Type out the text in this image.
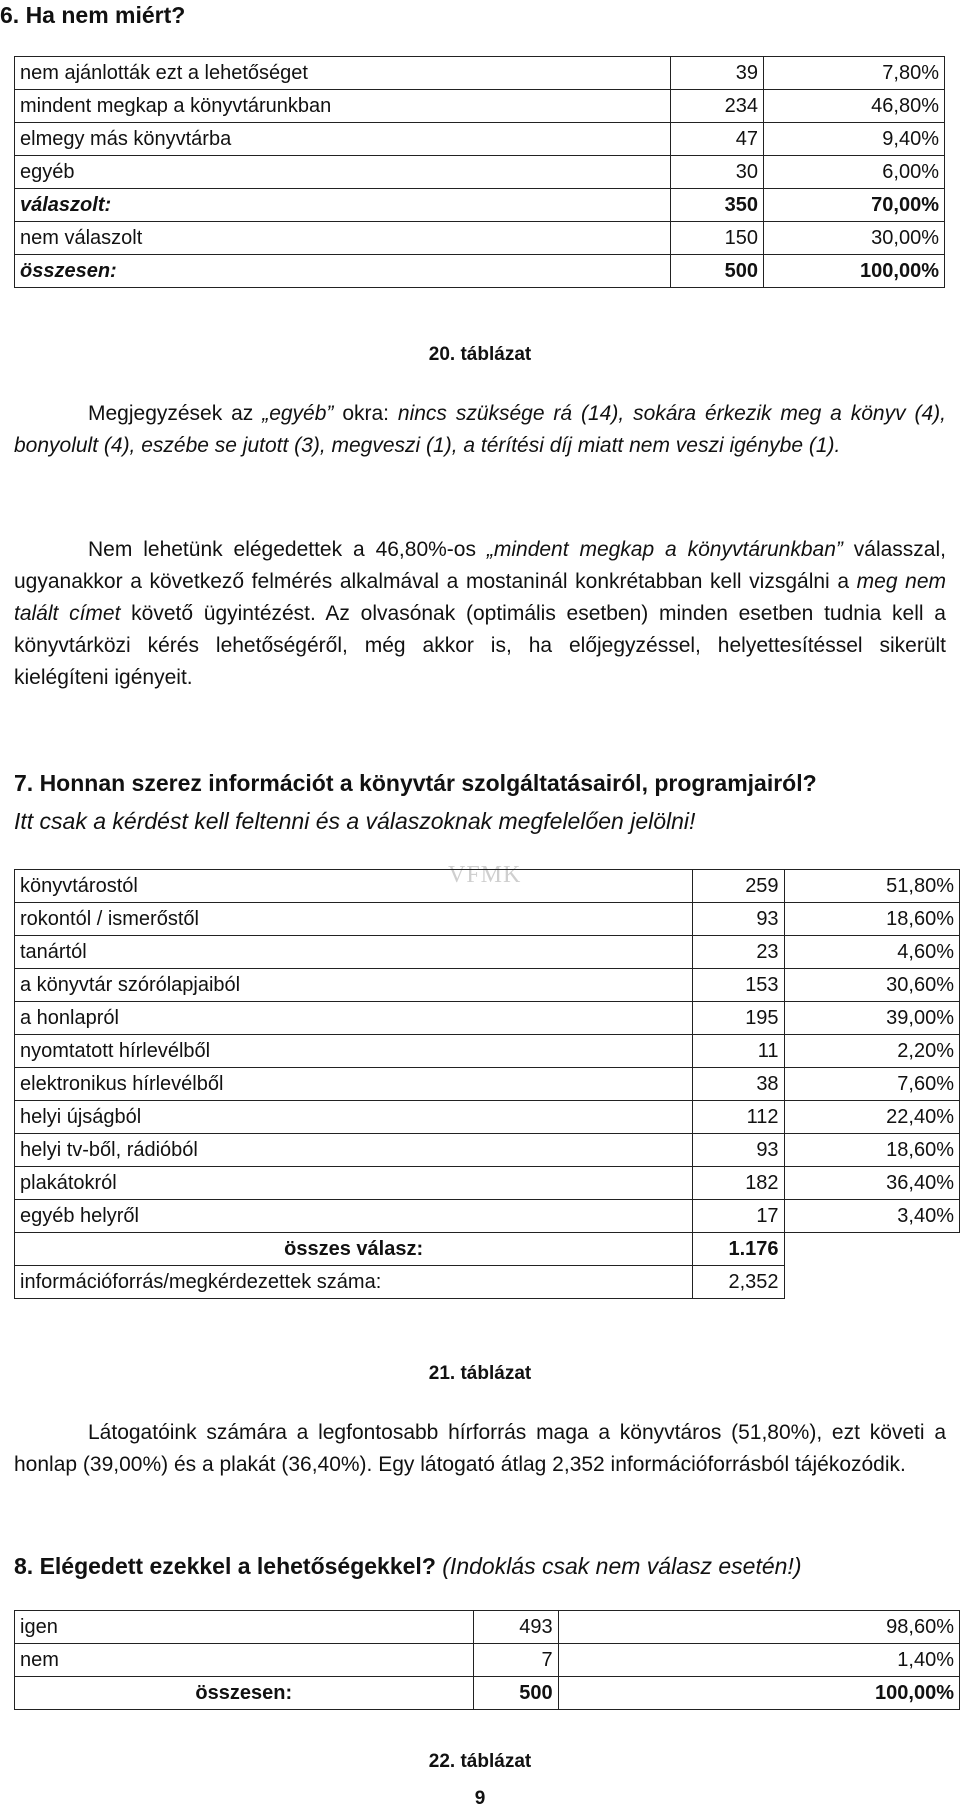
6. Ha nem miért?
nem ajánlották ezt a lehetőséget	39	7,80%
mindent megkap a könyvtárunkban	234	46,80%
elmegy más könyvtárba	47	9,40%
egyéb	30	6,00%
válaszolt:	350	70,00%
nem válaszolt	150	30,00%
összesen:	500	100,00%
20. táblázat
Megjegyzések az „egyéb” okra: nincs szüksége rá (14), sokára érkezik meg a könyv (4), bonyolult (4), eszébe se jutott (3), megveszi (1), a térítési díj miatt nem veszi igénybe (1).
Nem lehetünk elégedettek a 46,80%-os „mindent megkap a könyvtárunkban” válasszal, ugyanakkor a következő felmérés alkalmával a mostaninál konkrétabban kell vizsgálni a meg nem talált címet követő ügyintézést. Az olvasónak (optimális esetben) minden esetben tudnia kell a könyvtárközi kérés lehetőségéről, még akkor is, ha előjegyzéssel, helyettesítéssel sikerült kielégíteni igényeit.
7. Honnan szerez információt a könyvtár szolgáltatásairól, programjairól?
Itt csak a kérdést kell feltenni és a válaszoknak megfelelően jelölni!
VFMK
könyvtárostól	259	51,80%
rokontól / ismerőstől	93	18,60%
tanártól	23	4,60%
a könyvtár szórólapjaiból	153	30,60%
a honlapról	195	39,00%
nyomtatott hírlevélből	11	2,20%
elektronikus hírlevélből	38	7,60%
helyi újságból	112	22,40%
helyi tv-ből, rádióból	93	18,60%
plakátokról	182	36,40%
egyéb helyről	17	3,40%
összes válasz:	1.176	
információforrás/megkérdezettek száma:	2,352	
21. táblázat
Látogatóink számára a legfontosabb hírforrás maga a könyvtáros (51,80%), ezt követi a honlap (39,00%) és a plakát (36,40%). Egy látogató átlag 2,352 információforrásból tájékozódik.
8. Elégedett ezekkel a lehetőségekkel? (Indoklás csak nem válasz esetén!)
igen	493	98,60%
nem	7	1,40%
összesen:	500	100,00%
22. táblázat
9
